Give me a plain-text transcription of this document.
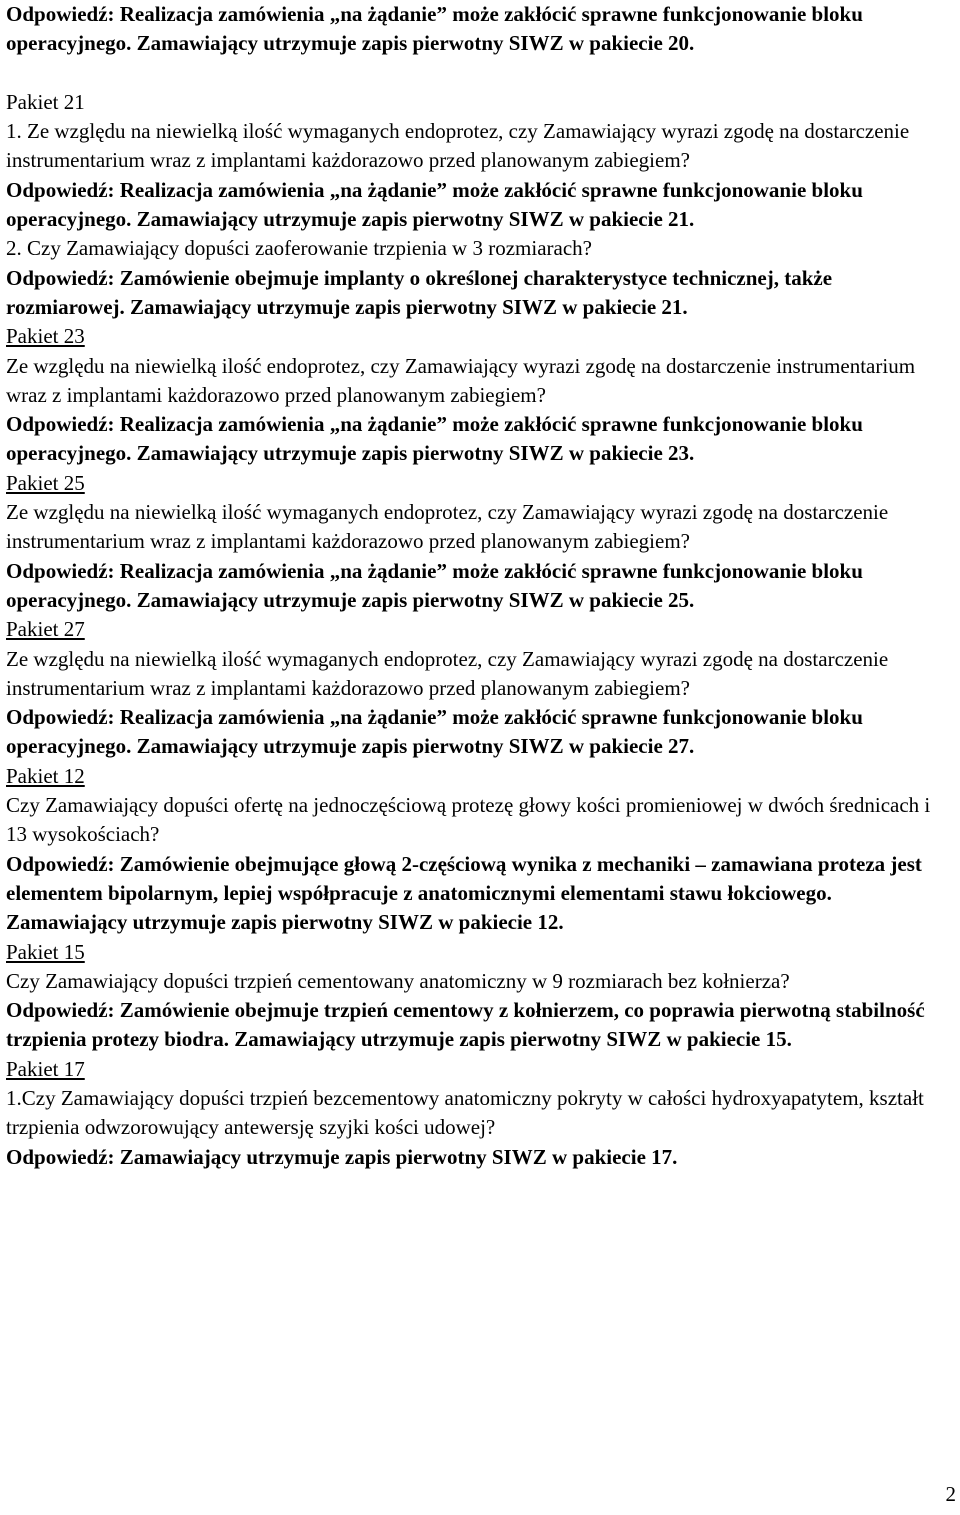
Odpowiedź: Realizacja zamówienia „na żądanie” może zakłócić sprawne funkcjonowanie bloku operacyjnego. Zamawiający utrzymuje zapis pierwotny SIWZ w pakiecie 20.

Pakiet 21

1. Ze względu na niewielką ilość wymaganych endoprotez, czy Zamawiający wyrazi zgodę na dostarczenie instrumentarium wraz z implantami każdorazowo przed planowanym zabiegiem?

Odpowiedź: Realizacja zamówienia „na żądanie” może zakłócić sprawne funkcjonowanie bloku operacyjnego. Zamawiający utrzymuje zapis pierwotny SIWZ w pakiecie 21.

2. Czy Zamawiający dopuści zaoferowanie trzpienia w 3 rozmiarach?

Odpowiedź: Zamówienie obejmuje implanty o określonej charakterystyce technicznej, także rozmiarowej. Zamawiający utrzymuje zapis pierwotny SIWZ w pakiecie 21.

Pakiet 23

Ze względu na niewielką ilość endoprotez, czy Zamawiający wyrazi zgodę na dostarczenie instrumentarium wraz z implantami każdorazowo przed planowanym zabiegiem?

Odpowiedź: Realizacja zamówienia „na żądanie” może zakłócić sprawne funkcjonowanie bloku operacyjnego. Zamawiający utrzymuje zapis pierwotny SIWZ w pakiecie 23.

Pakiet 25

Ze względu na niewielką ilość wymaganych endoprotez, czy Zamawiający wyrazi zgodę na dostarczenie instrumentarium wraz z implantami każdorazowo przed planowanym zabiegiem?

Odpowiedź: Realizacja zamówienia „na żądanie” może zakłócić sprawne funkcjonowanie bloku operacyjnego. Zamawiający utrzymuje zapis pierwotny SIWZ w pakiecie 25.

Pakiet 27

Ze względu na niewielką ilość wymaganych endoprotez, czy Zamawiający wyrazi zgodę na dostarczenie instrumentarium wraz z implantami każdorazowo przed planowanym zabiegiem?

Odpowiedź: Realizacja zamówienia „na żądanie” może zakłócić sprawne funkcjonowanie bloku operacyjnego. Zamawiający utrzymuje zapis pierwotny SIWZ w pakiecie 27.

Pakiet 12

Czy Zamawiający dopuści ofertę na jednoczęściową protezę głowy kości promieniowej w dwóch średnicach i 13 wysokościach?

Odpowiedź: Zamówienie obejmujące głową 2-częściową wynika z mechaniki – zamawiana proteza jest elementem bipolarnym, lepiej współpracuje z anatomicznymi elementami stawu łokciowego. Zamawiający utrzymuje zapis pierwotny SIWZ w pakiecie 12.

Pakiet 15

Czy Zamawiający dopuści trzpień cementowany anatomiczny w 9 rozmiarach bez kołnierza?

Odpowiedź: Zamówienie obejmuje trzpień cementowy z kołnierzem, co poprawia pierwotną stabilność trzpienia protezy biodra. Zamawiający utrzymuje zapis pierwotny SIWZ w pakiecie 15.

Pakiet 17

1.Czy Zamawiający dopuści trzpień bezcementowy anatomiczny pokryty w całości hydroxyapatytem, kształt trzpienia odwzorowujący antewersję szyjki kości udowej?

Odpowiedź: Zamawiający utrzymuje zapis pierwotny SIWZ w pakiecie 17.

2
